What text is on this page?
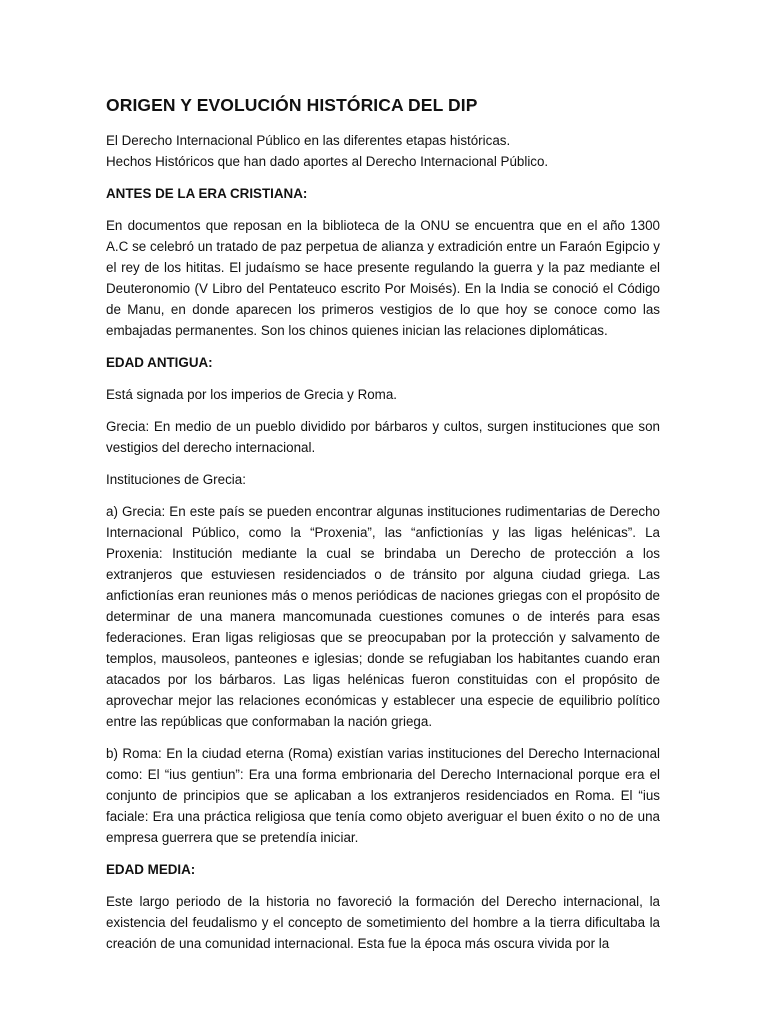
ORIGEN Y EVOLUCIÓN HISTÓRICA DEL DIP
El Derecho Internacional Público en las diferentes etapas históricas.
Hechos Históricos que han dado aportes al Derecho Internacional Público.
ANTES DE LA ERA CRISTIANA:

En documentos que reposan en la biblioteca de la ONU se encuentra que en el año 1300 A.C se celebró un tratado de paz perpetua de alianza y extradición entre un Faraón Egipcio y el rey de los hititas. El judaísmo se hace presente regulando la guerra y la paz mediante el Deuteronomio (V Libro del Pentateuco escrito Por Moisés). En la India se conoció el Código de Manu, en donde aparecen los primeros vestigios de lo que hoy se conoce como las embajadas permanentes. Son los chinos quienes inician las relaciones diplomáticas.

EDAD ANTIGUA:

Está signada por los imperios de Grecia y Roma.

Grecia: En medio de un pueblo dividido por bárbaros y cultos, surgen instituciones que son vestigios del derecho internacional.

Instituciones de Grecia:

a) Grecia: En este país se pueden encontrar algunas instituciones rudimentarias de Derecho Internacional Público, como la “Proxenia”, las “anfictionías y las ligas helénicas”. La Proxenia: Institución mediante la cual se brindaba un Derecho de protección a los extranjeros que estuviesen residenciados o de tránsito por alguna ciudad griega. Las anfictionías eran reuniones más o menos periódicas de naciones griegas con el propósito de determinar de una manera mancomunada cuestiones comunes o de interés para esas federaciones. Eran ligas religiosas que se preocupaban por la protección y salvamento de templos, mausoleos, panteones e iglesias; donde se refugiaban los habitantes cuando eran atacados por los bárbaros. Las ligas helénicas fueron constituidas con el propósito de aprovechar mejor las relaciones económicas y establecer una especie de equilibrio político entre las repúblicas que conformaban la nación griega.

b) Roma: En la ciudad eterna (Roma) existían varias instituciones del Derecho Internacional como: El “ius gentiun”: Era una forma embrionaria del Derecho Internacional porque era el conjunto de principios que se aplicaban a los extranjeros residenciados en Roma. El “ius faciale: Era una práctica religiosa que tenía como objeto averiguar el buen éxito o no de una empresa guerrera que se pretendía iniciar.

EDAD MEDIA:

Este largo periodo de la historia no favoreció la formación del Derecho internacional, la existencia del feudalismo y el concepto de sometimiento del hombre a la tierra dificultaba la creación de una comunidad internacional. Esta fue la época más oscura vivida por la
